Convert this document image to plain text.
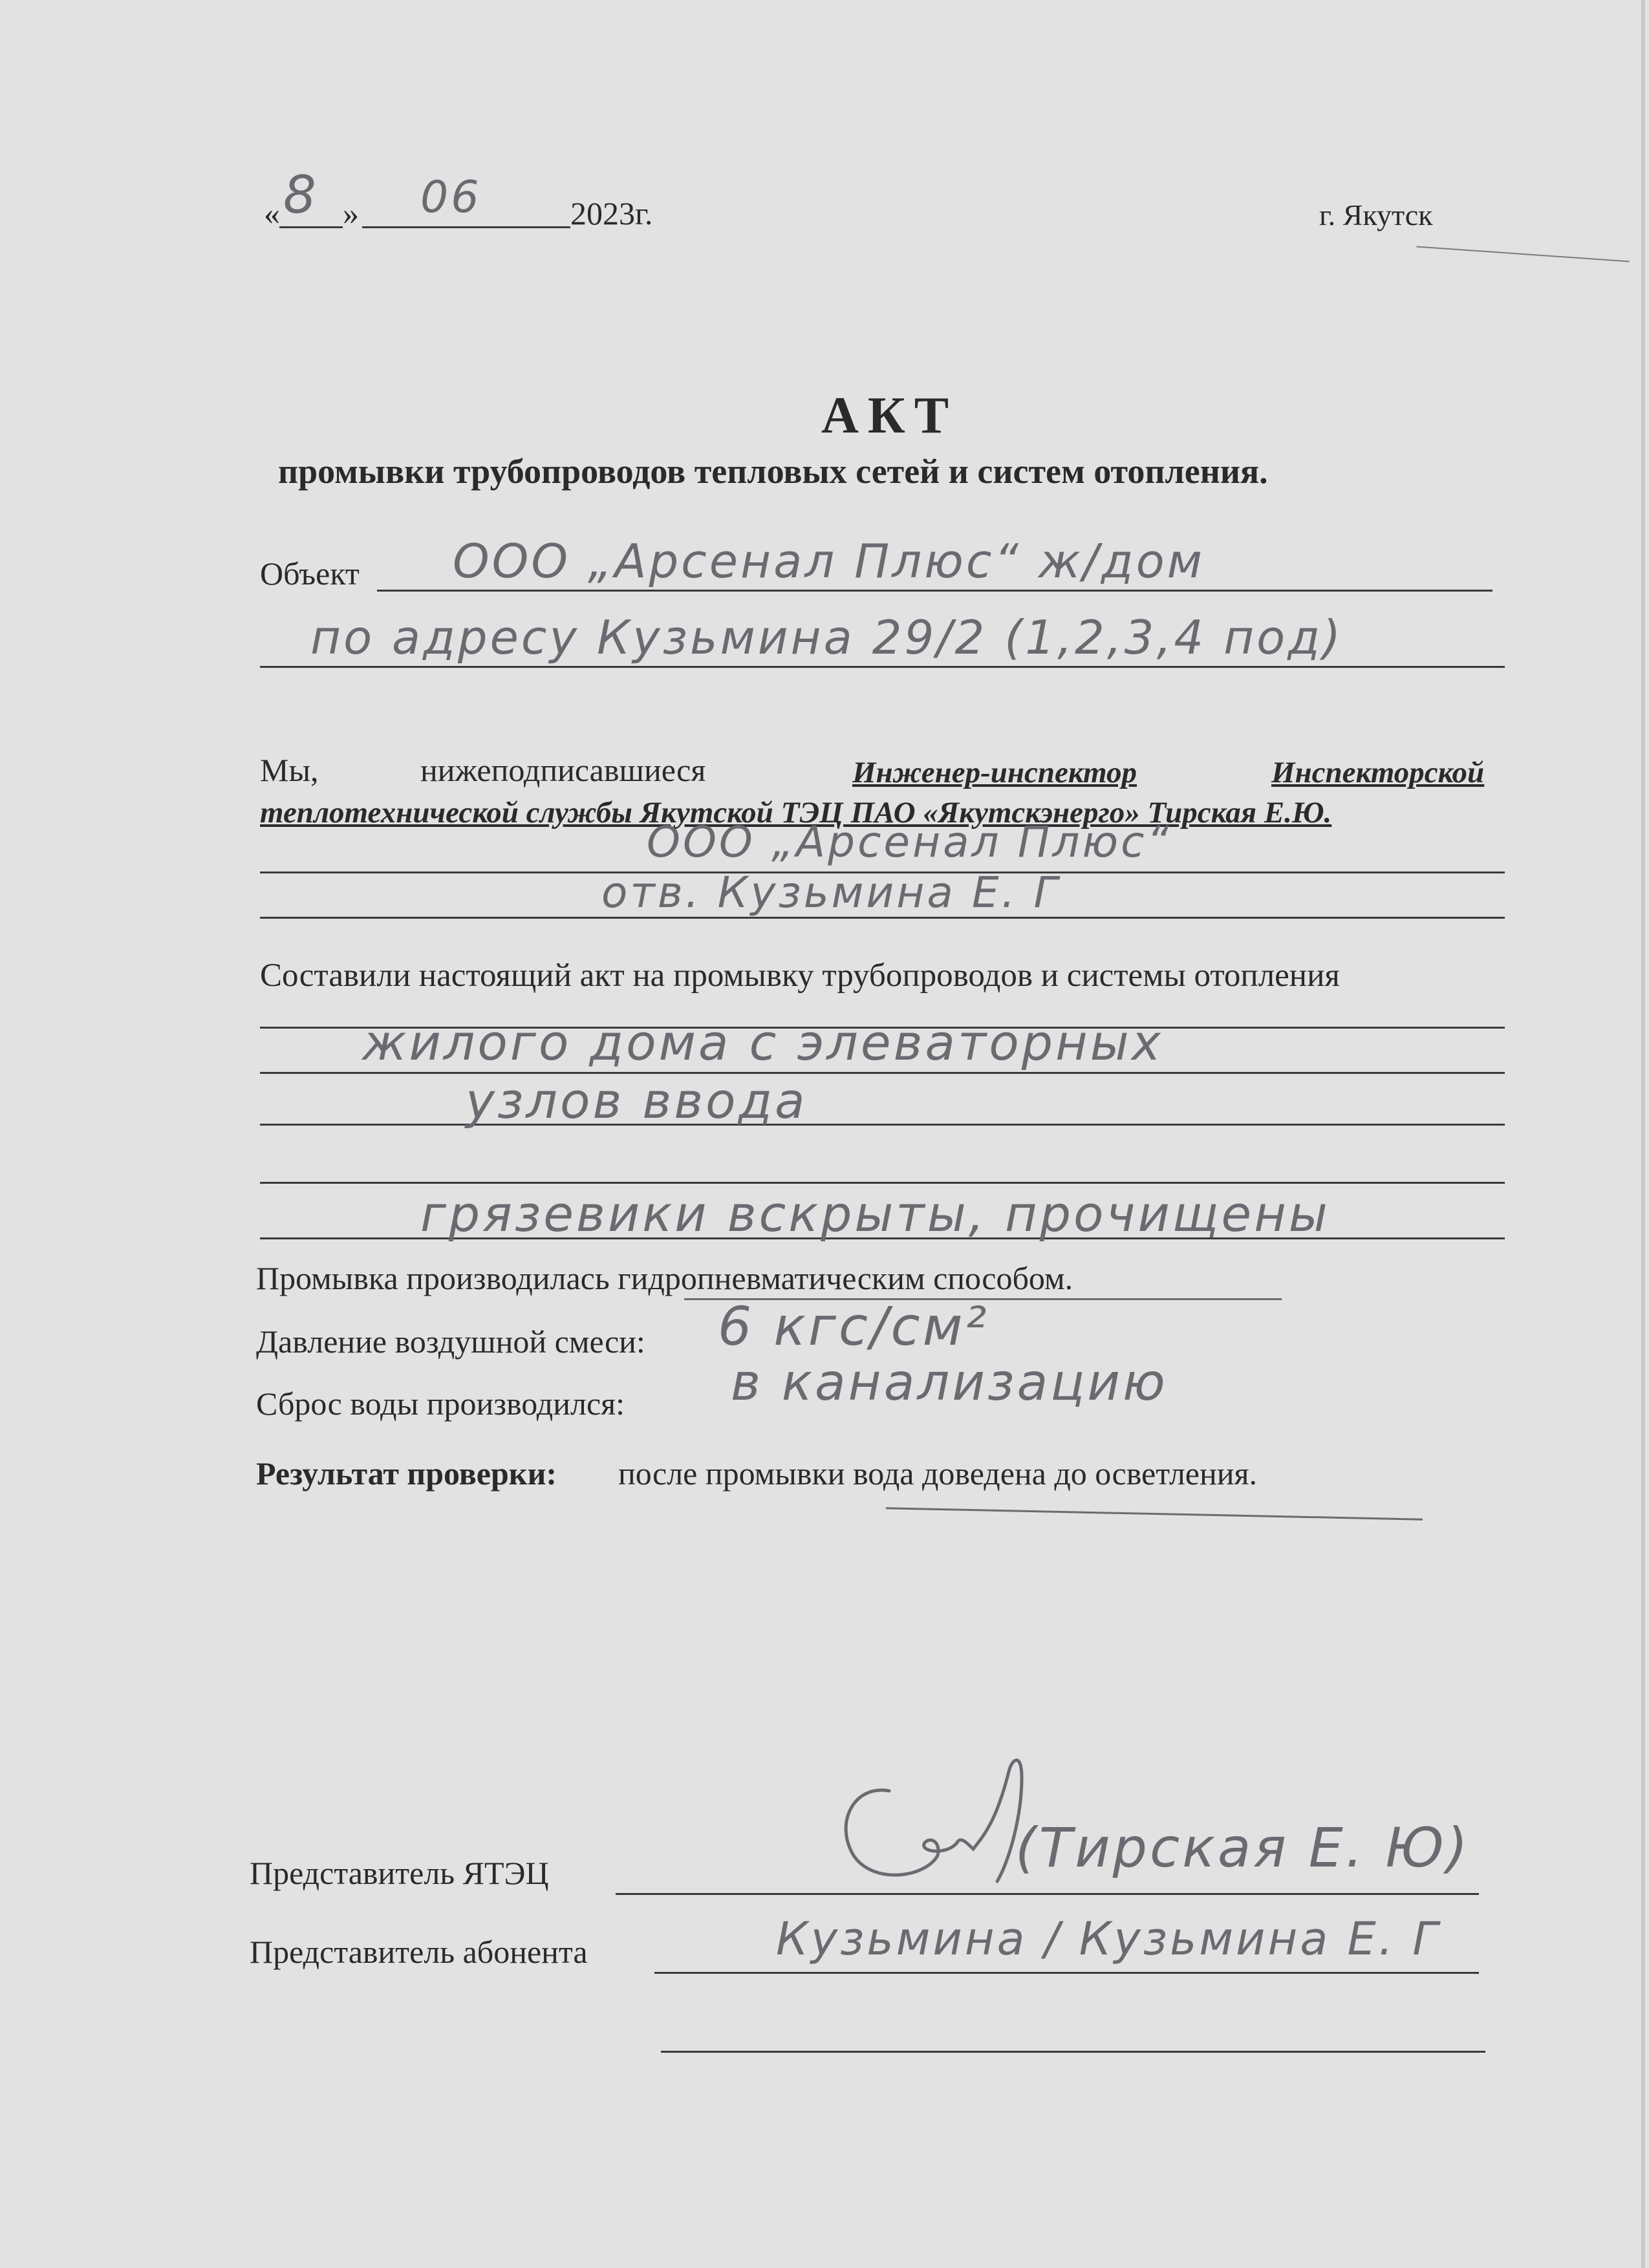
« 8 » 06	2023г.	г. Якутск
АКТ
промывки трубопроводов тепловых сетей и систем отопления.
Объект ООО „Арсенал Плюс“ ж/дом
по адресу Кузьмина 29/2 (1,2,3,4 под)
Мы,	нижеподписавшиеся	Инженер-инспектор	Инспекторской
теплотехнической службы Якутской ТЭЦ ПАО «Якутскэнерго» Тирская Е.Ю.
ООО „Арсенал Плюс“
отв. Кузьмина Е. Г
Составили настоящий акт на промывку трубопроводов и системы отопления
жилого дома с элеваторных
узлов ввода
грязевики вскрыты, прочищены
Промывка производилась гидропневматическим способом.
Давление воздушной смеси: 6 кгс/см²
Сброс воды производился: в канализацию
Результат проверки: после промывки вода доведена до осветления.
Представитель ЯТЭЦ	(Тирская Е. Ю)
Представитель абонента	Кузьмина / Кузьмина Е. Г
